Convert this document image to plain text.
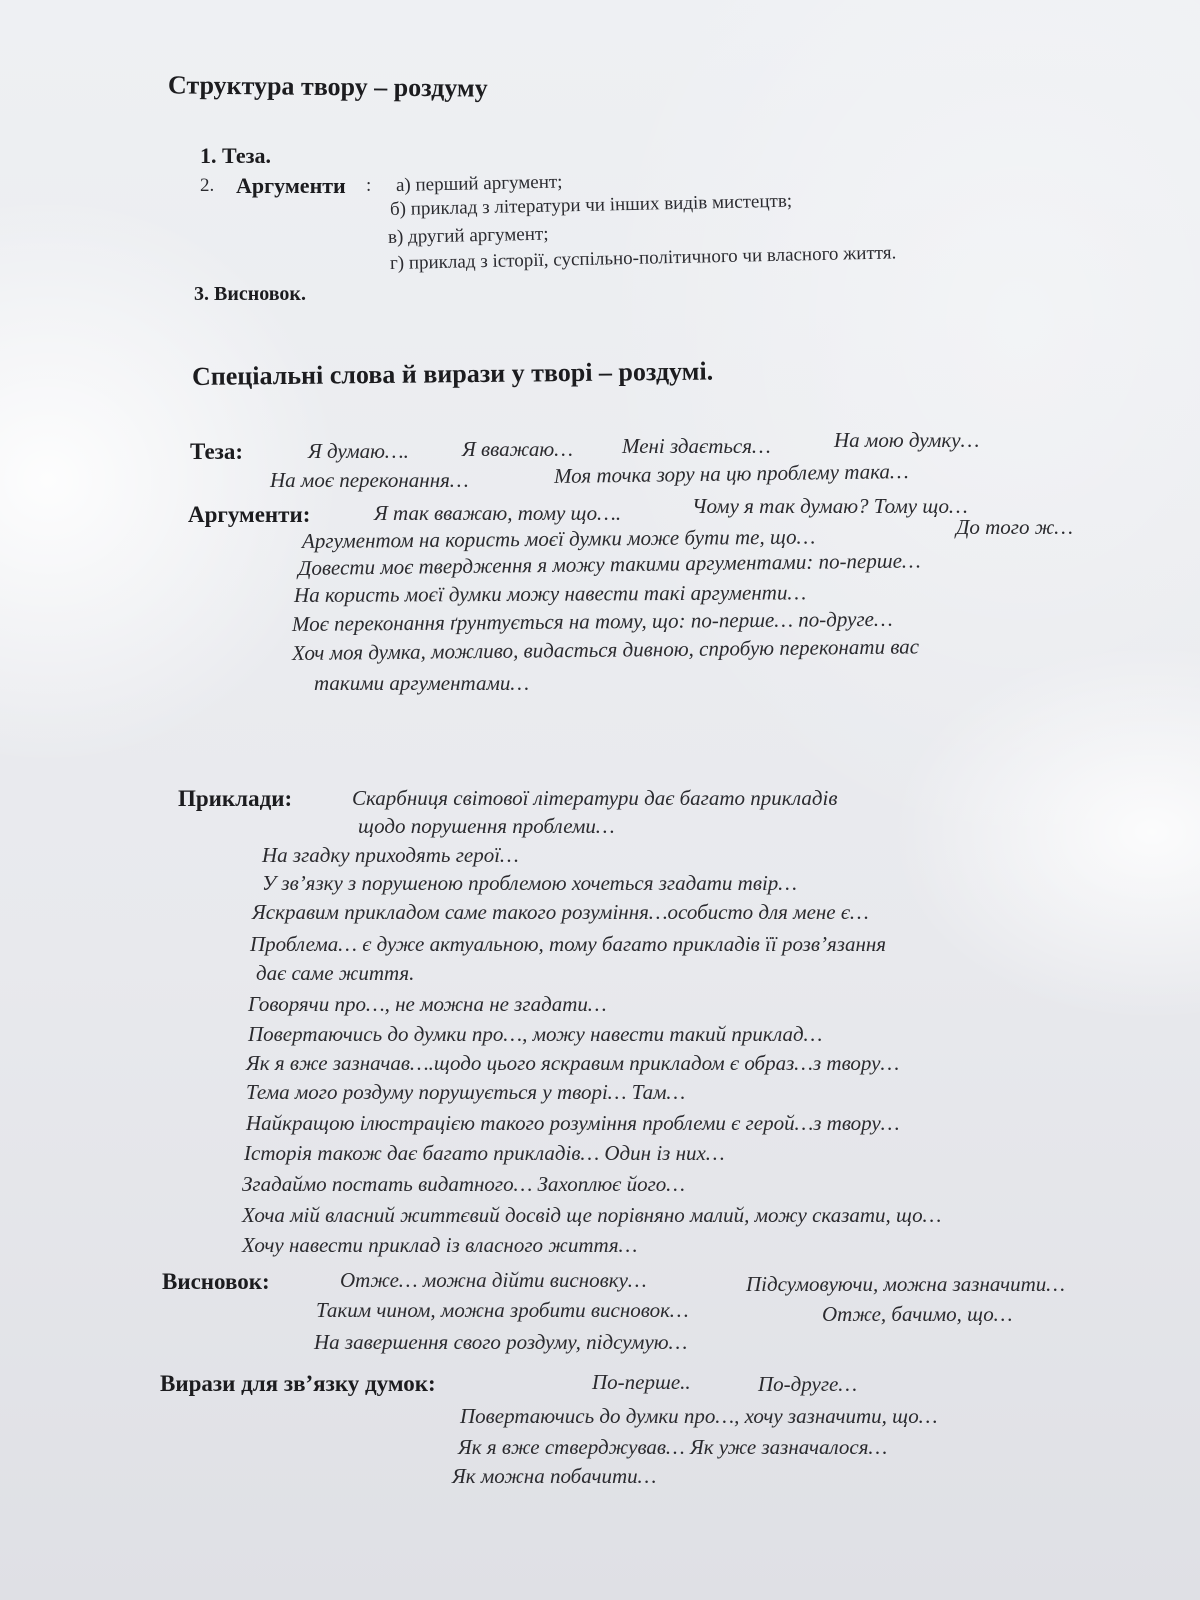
Структура твору – роздуму
1. Теза.
2. Аргументи : а) перший аргумент;
б) приклад з літератури чи інших видів мистецтв;
в) другий аргумент;
г) приклад з історії, суспільно-політичного чи власного життя.
3. Висновок.
Спеціальні слова й вирази у творі – роздумі.
Теза:	Я думаю….	Я вважаю… Мені здається…	На мою думку…
На моє переконання…	Моя точка зору на цю проблему така…
Аргументи:	Я так вважаю, тому що….	Чому я так думаю? Тому що…
Аргументом на користь моєї думки може бути те, що…	До того ж…
Довести моє твердження я можу такими аргументами: по-перше…
На користь моєї думки можу навести такі аргументи…
Моє переконання ґрунтується на тому, що: по-перше… по-друге…
Хоч моя думка, можливо, видасться дивною, спробую переконати вас
такими аргументами…
Приклади:	Скарбниця світової літератури дає багато прикладів
щодо порушення проблеми…
На згадку приходять герої…
У зв’язку з порушеною проблемою хочеться згадати твір…
Яскравим прикладом саме такого розуміння…особисто для мене є…
Проблема… є дуже актуальною, тому багато прикладів її розв’язання
дає саме життя.
Говорячи про…, не можна не згадати…
Повертаючись до думки про…, можу навести такий приклад…
Як я вже зазначав….щодо цього яскравим прикладом є образ…з твору…
Тема мого роздуму порушується у творі… Там…
Найкращою ілюстрацією такого розуміння проблеми є герой…з твору…
Історія також дає багато прикладів… Один із них…
Згадаймо постать видатного… Захоплює його…
Хоча мій власний життєвий досвід ще порівняно малий, можу сказати, що…
Хочу навести приклад із власного життя…
Висновок:	Отже… можна дійти висновку…	Підсумовуючи, можна зазначити…
Таким чином, можна зробити висновок…	Отже, бачимо, що…
На завершення свого роздуму, підсумую…
Вирази для зв’язку думок:	По-перше..	По-друге…
Повертаючись до думки про…, хочу зазначити, що…
Як я вже стверджував… Як уже зазначалося…
Як можна побачити…
